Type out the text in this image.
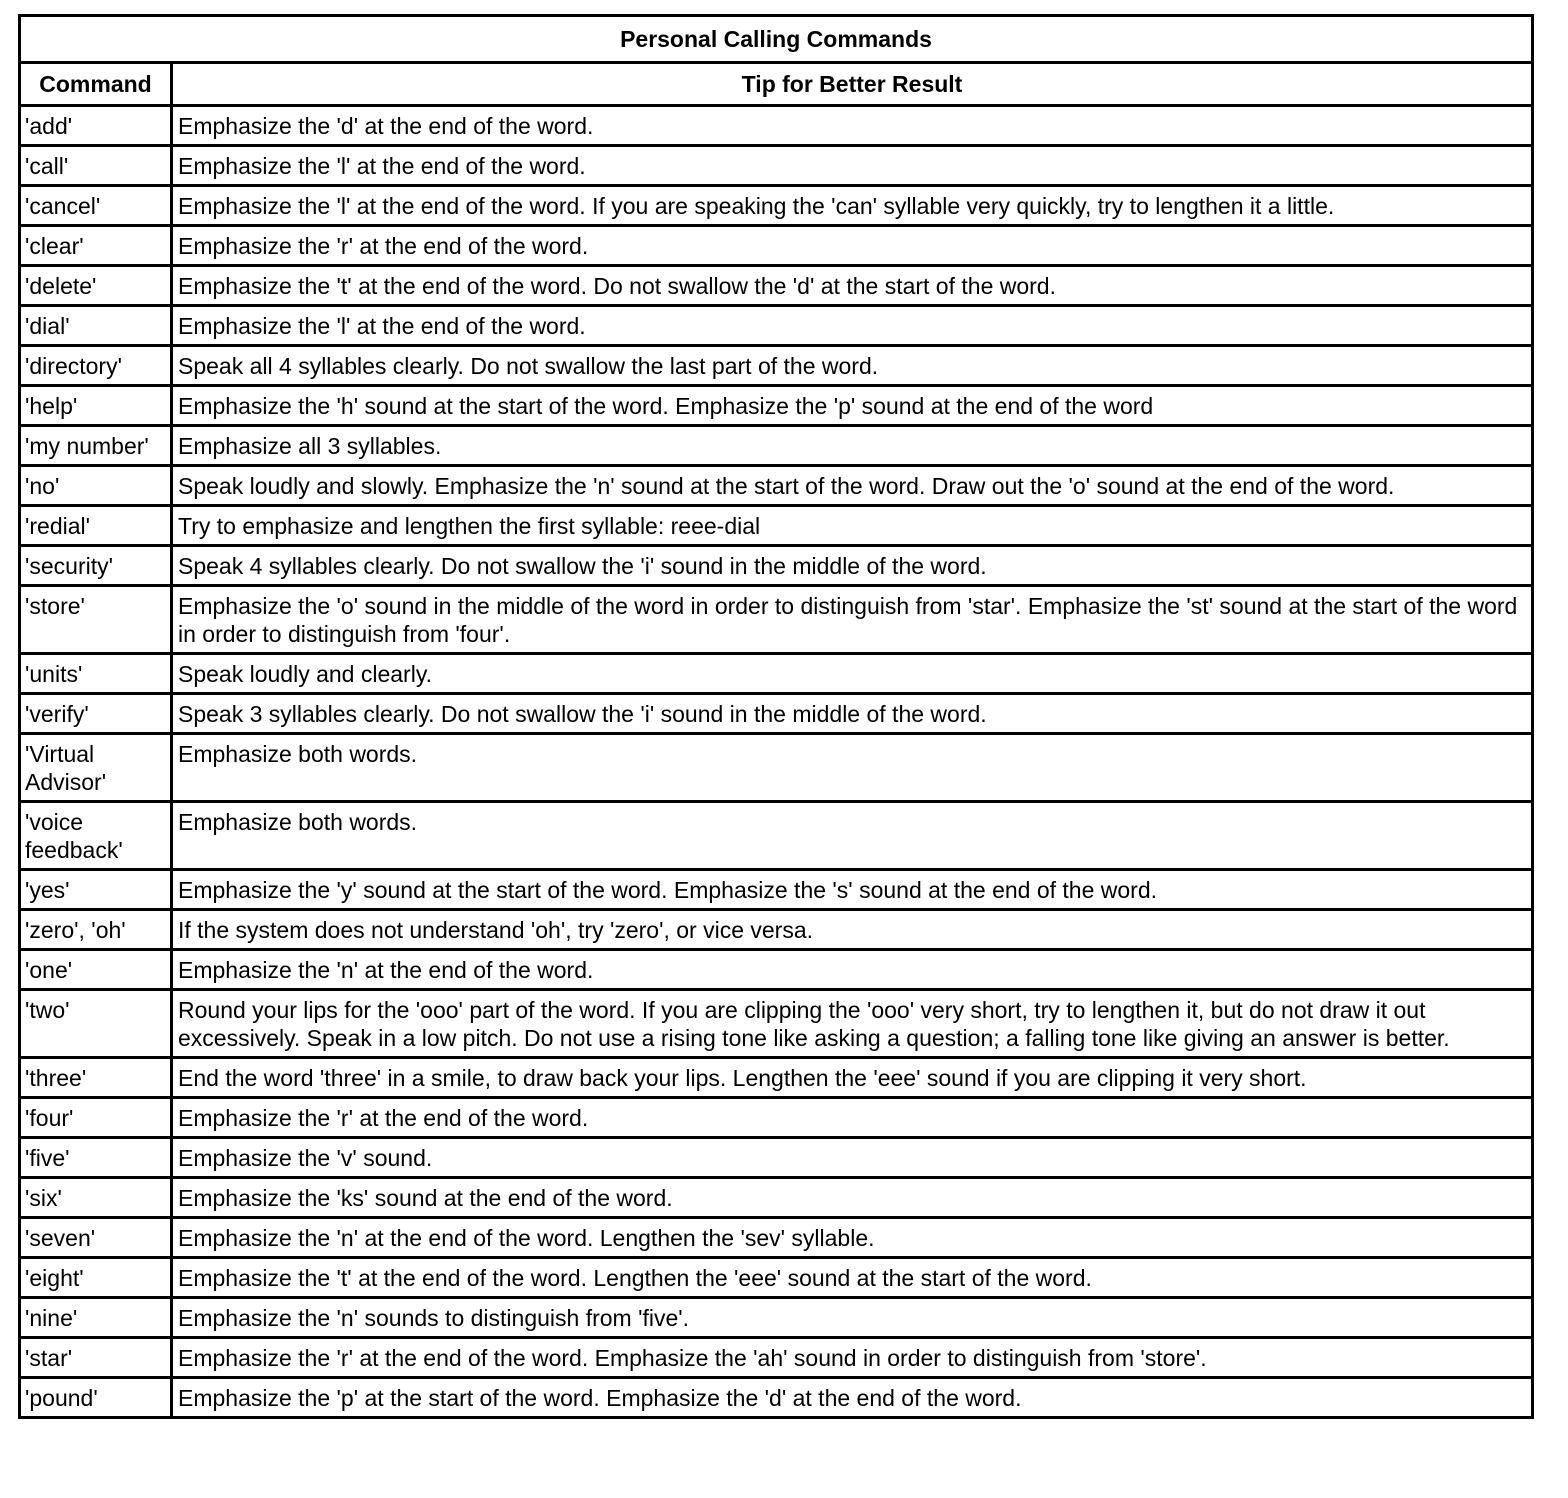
Personal Calling Commands	
Command	Tip for Better Result
'add'	Emphasize the 'd' at the end of the word.
'call'	Emphasize the 'l' at the end of the word.
'cancel'	Emphasize the 'l' at the end of the word. If you are speaking the 'can' syllable very quickly, try to lengthen it a little.
'clear'	Emphasize the 'r' at the end of the word.
'delete'	Emphasize the 't' at the end of the word. Do not swallow the 'd' at the start of the word.
'dial'	Emphasize the 'l' at the end of the word.
'directory'	Speak all 4 syllables clearly. Do not swallow the last part of the word.
'help'	Emphasize the 'h' sound at the start of the word. Emphasize the 'p' sound at the end of the word
'my number'	Emphasize all 3 syllables.
'no'	Speak loudly and slowly. Emphasize the 'n' sound at the start of the word. Draw out the 'o' sound at the end of the word.
'redial'	Try to emphasize and lengthen the first syllable: reee-dial
'security'	Speak 4 syllables clearly. Do not swallow the 'i' sound in the middle of the word.
'store'	Emphasize the 'o' sound in the middle of the word in order to distinguish from 'star'. Emphasize the 'st' sound at the start of the word in order to distinguish from 'four'.
'units'	Speak loudly and clearly.
'verify'	Speak 3 syllables clearly. Do not swallow the 'i' sound in the middle of the word.
'Virtual Advisor'	Emphasize both words.
'voice feedback'	Emphasize both words.
'yes'	Emphasize the 'y' sound at the start of the word. Emphasize the 's' sound at the end of the word.
'zero', 'oh'	If the system does not understand 'oh', try 'zero', or vice versa.
'one'	Emphasize the 'n' at the end of the word.
'two'	Round your lips for the 'ooo' part of the word. If you are clipping the 'ooo' very short, try to lengthen it, but do not draw it out excessively. Speak in a low pitch. Do not use a rising tone like asking a question; a falling tone like giving an answer is better.
'three'	End the word 'three' in a smile, to draw back your lips. Lengthen the 'eee' sound if you are clipping it very short.
'four'	Emphasize the 'r' at the end of the word.
'five'	Emphasize the 'v' sound.
'six'	Emphasize the 'ks' sound at the end of the word.
'seven'	Emphasize the 'n' at the end of the word. Lengthen the 'sev' syllable.
'eight'	Emphasize the 't' at the end of the word. Lengthen the 'eee' sound at the start of the word.
'nine'	Emphasize the 'n' sounds to distinguish from 'five'.
'star'	Emphasize the 'r' at the end of the word. Emphasize the 'ah' sound in order to distinguish from 'store'.
'pound'	Emphasize the 'p' at the start of the word. Emphasize the 'd' at the end of the word.
